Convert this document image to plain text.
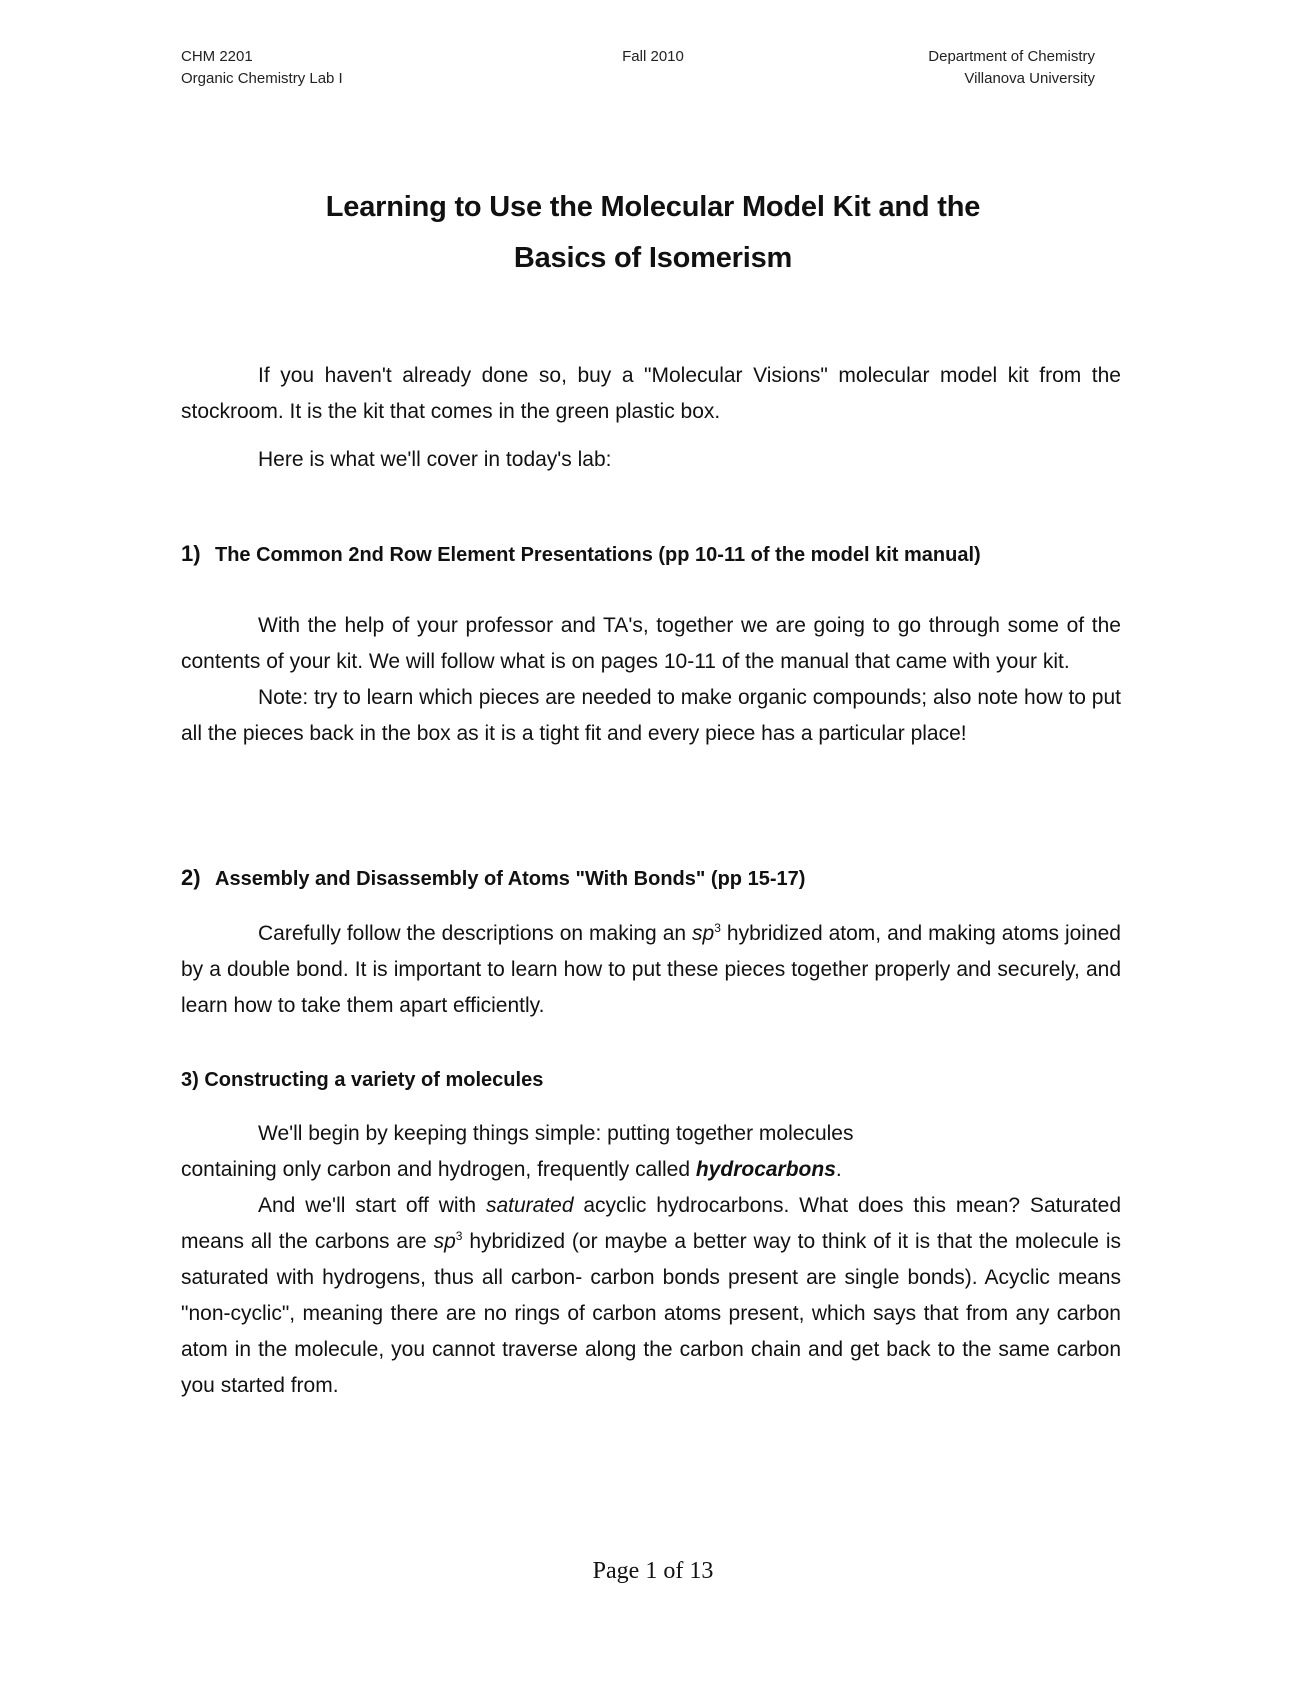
CHM 2201
Organic Chemistry Lab I
Fall 2010	Department of Chemistry
Villanova University
Learning to Use the Molecular Model Kit and the
Basics of Isomerism

If you haven't already done so, buy a "Molecular Visions" molecular model kit from the stockroom. It is the kit that comes in the green plastic box.

Here is what we'll cover in today's lab:

1) The Common 2nd Row Element Presentations (pp 10-11 of the model kit manual)

With the help of your professor and TA's, together we are going to go through some of the contents of your kit. We will follow what is on pages 10-11 of the manual that came with your kit.

Note: try to learn which pieces are needed to make organic compounds; also note how to put all the pieces back in the box as it is a tight fit and every piece has a particular place!

2) Assembly and Disassembly of Atoms "With Bonds" (pp 15-17)

Carefully follow the descriptions on making an $sp^3$ hybridized atom, and making atoms joined by a double bond. It is important to learn how to put these pieces together properly and securely, and learn how to take them apart efficiently.

3) Constructing a variety of molecules

We'll begin by keeping things simple: putting together molecules
containing only carbon and hydrogen, frequently called hydrocarbons.

And we'll start off with saturated acyclic hydrocarbons. What does this mean? Saturated means all the carbons are $sp^3$ hybridized (or maybe a better way to think of it is that the molecule is saturated with hydrogens, thus all carbon- carbon bonds present are single bonds). Acyclic means "non-cyclic", meaning there are no rings of carbon atoms present, which says that from any carbon atom in the molecule, you cannot traverse along the carbon chain and get back to the same carbon you started from.

Page 1 of 13
